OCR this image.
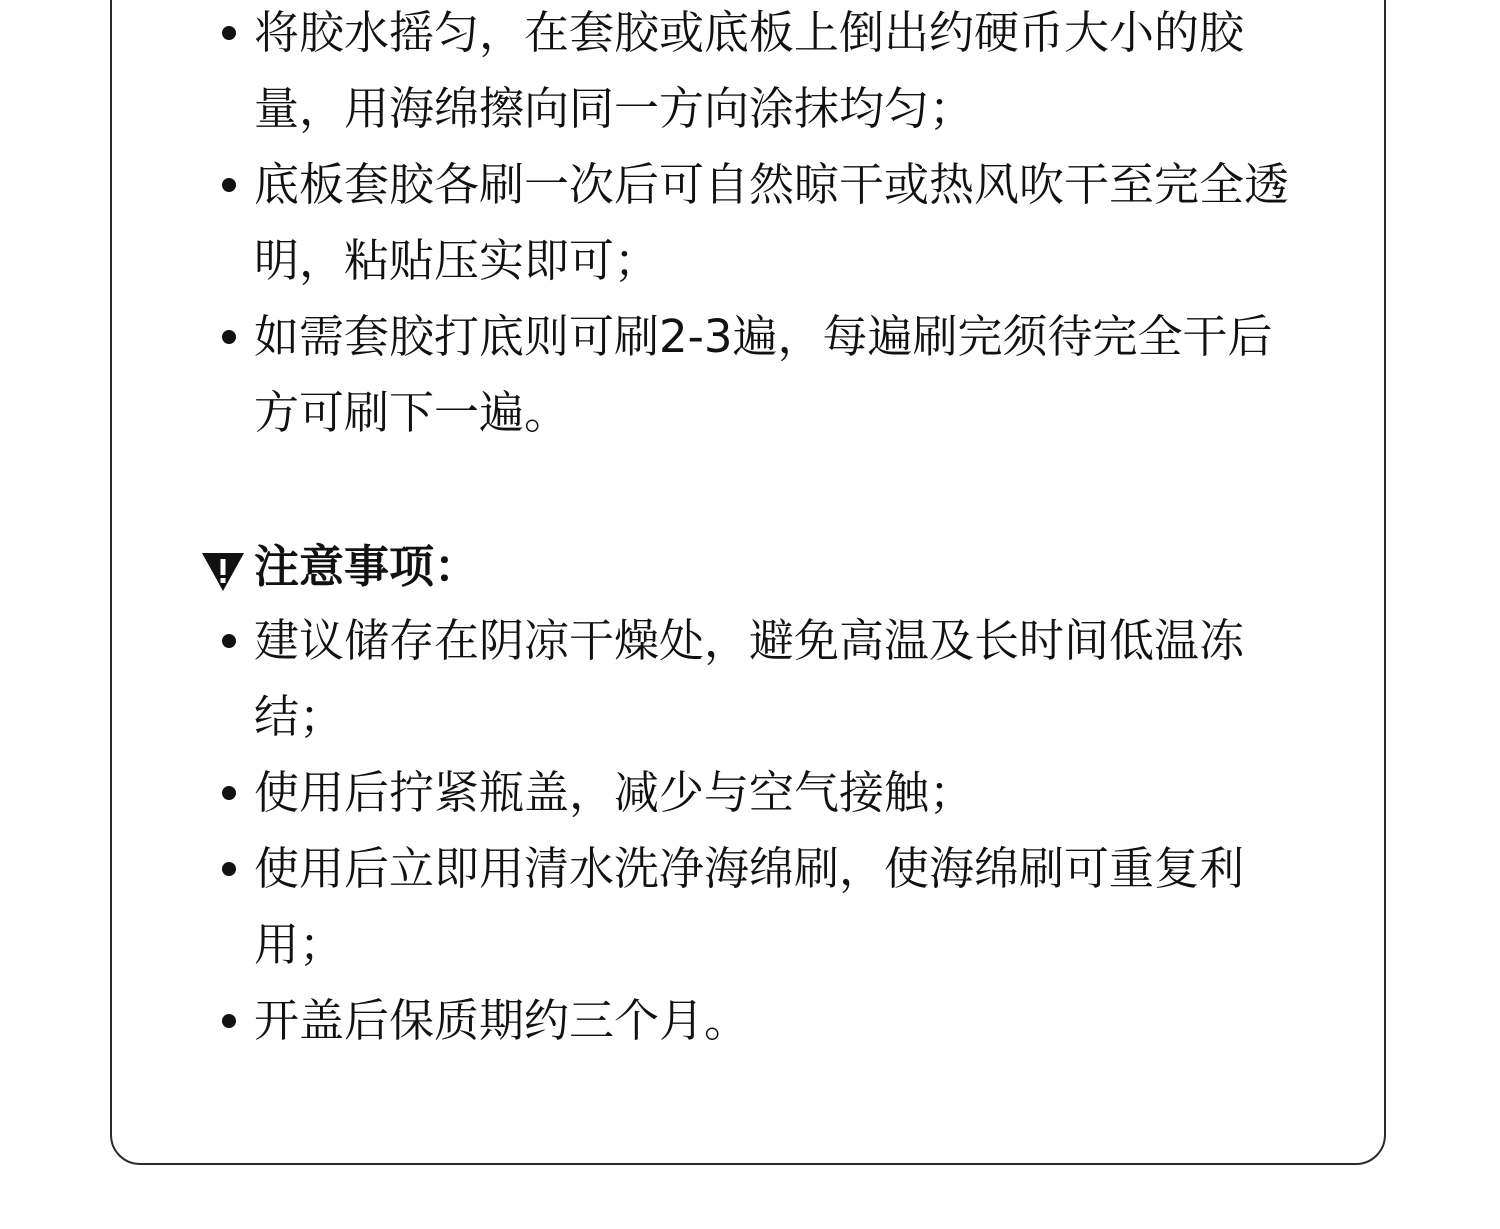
将胶水摇匀，在套胶或底板上倒出约硬币大小的胶量，用海绵擦向同一方向涂抹均匀；
底板套胶各刷一次后可自然晾干或热风吹干至完全透明，粘贴压实即可；
如需套胶打底则可刷2-3遍，每遍刷完须待完全干后方可刷下一遍。
注意事项：
建议储存在阴凉干燥处，避免高温及长时间低温冻结；
使用后拧紧瓶盖，减少与空气接触；
使用后立即用清水洗净海绵刷，使海绵刷可重复利用；
开盖后保质期约三个月。
